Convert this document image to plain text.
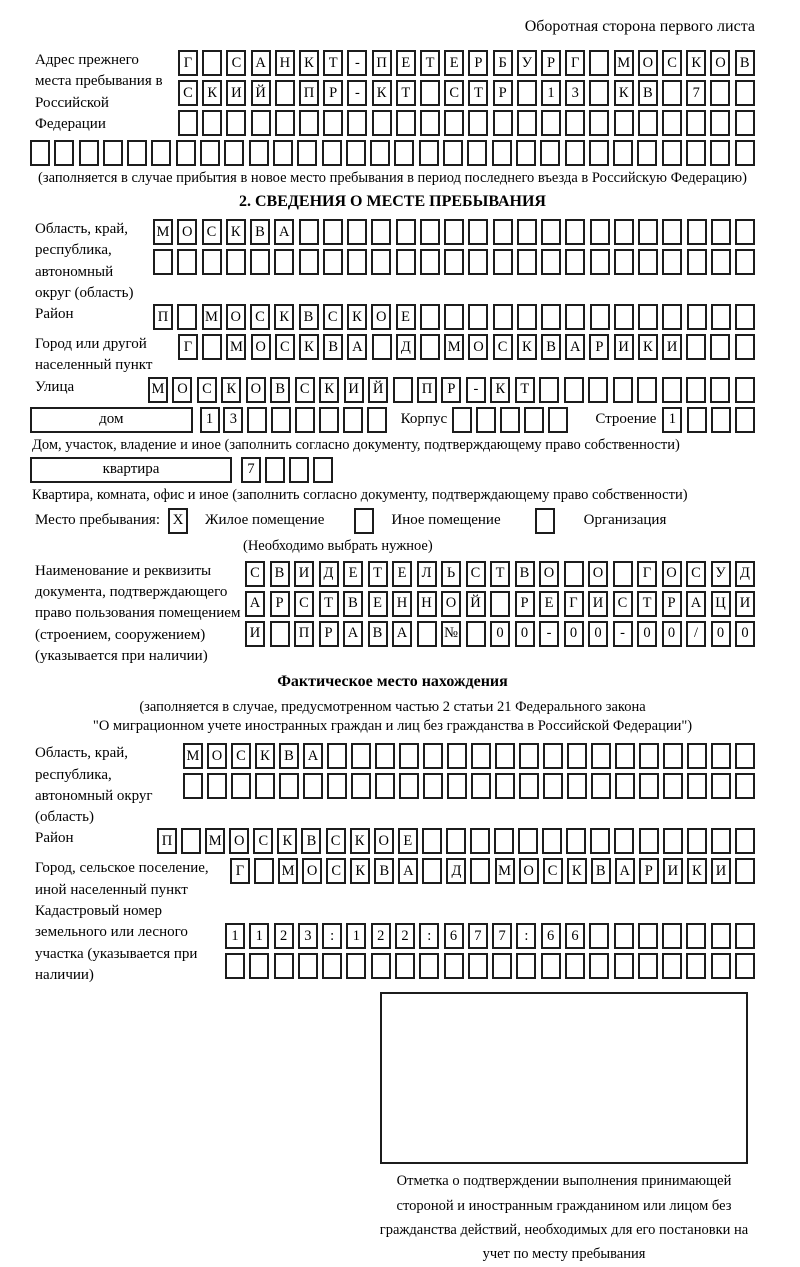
Оборотная сторона первого листа
Адрес прежнего места пребывания в Российской Федерации
Г	С А Н К	Т	-	П	Е	Т	Е	Р	Б	У	Р	Г	М О С	К О В
С	К И Й	П	Р	-	К	Т	С	Т	Р	1	3	К	В	7
(заполняется в случае прибытия в новое место пребывания в период последнего въезда в Российскую Федерацию)
2. СВЕДЕНИЯ О МЕСТЕ ПРЕБЫВАНИЯ
Область, край, республика, автономный округ (область)
М О С	К	В А
Район	П	М О С	К	В	С	К О	Е
Город или другой населенный пункт
Г	М О С	К	В А	Д	М О С	К	В А	Р	И К И
Улица	М О С	К О В	С	К И Й	П	Р	-	К	Т
дом	1	3	Корпус	Строение 1
Дом, участок, владение и иное (заполнить согласно документу, подтверждающему право собственности)
квартира	7
Квартира, комната, офис и иное (заполнить согласно документу, подтверждающему право собственности)
Место пребывания: X	Жилое помещение	Иное помещение	Организация
(Необходимо выбрать нужное)
Наименование и реквизиты документа, подтверждающего право пользования помещением (строением, сооружением) (указывается при наличии)
С	В И Д	Е	Т	Е	Л	Ь	С	Т	В О	О	Г	О С	У Д
А	Р	С	Т	В	Е	Н Н О Й	Р	Е	Г	И С	Т	Р	А Ц И
И	П	Р	А В А	№	0	0	-	0	0	-	0	0	/	0	0
Фактическое место нахождения
(заполняется в случае, предусмотренном частью 2 статьи 21 Федерального закона
"О миграционном учете иностранных граждан и лиц без гражданства в Российской Федерации")
Область, край, республика, автономный округ (область)
М О С К В А
Район	П	М О С К В С К О Е
Город, сельское поселение, иной населенный пункт
Г	М О С К В А	Д	М О С К В А	Р	И К И
Кадастровый номер земельного или лесного участка (указывается при наличии)
1	1	2	3	:	1	2	2	:	6	7	7	:	6	6
Отметка о подтверждении выполнения принимающей стороной и иностранным гражданином или лицом без гражданства действий, необходимых для его постановки на учет по месту пребывания
